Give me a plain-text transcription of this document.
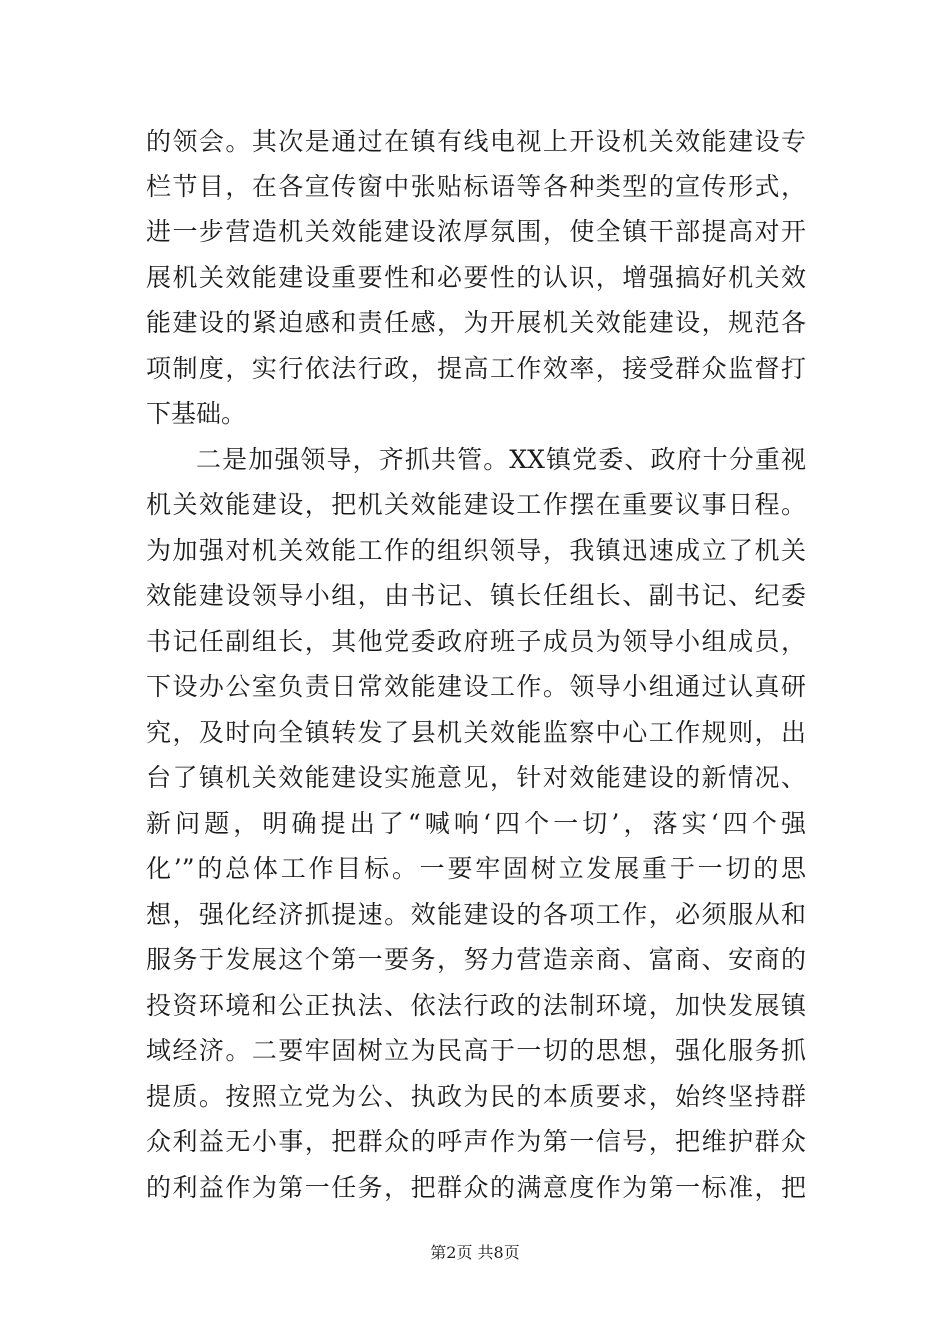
的领会。其次是通过在镇有线电视上开设机关效能建设专
栏节目，在各宣传窗中张贴标语等各种类型的宣传形式，
进一步营造机关效能建设浓厚氛围，使全镇干部提高对开
展机关效能建设重要性和必要性的认识，增强搞好机关效
能建设的紧迫感和责任感，为开展机关效能建设，规范各
项制度，实行依法行政，提高工作效率，接受群众监督打
下基础。
二是加强领导，齐抓共管。XX镇党委、政府十分重视
机关效能建设，把机关效能建设工作摆在重要议事日程。
为加强对机关效能工作的组织领导，我镇迅速成立了机关
效能建设领导小组，由书记、镇长任组长、副书记、纪委
书记任副组长，其他党委政府班子成员为领导小组成员，
下设办公室负责日常效能建设工作。领导小组通过认真研
究，及时向全镇转发了县机关效能监察中心工作规则，出
台了镇机关效能建设实施意见，针对效能建设的新情况、
新问题，明确提出了“喊响‘四个一切’，落实‘四个强
化’”的总体工作目标。一要牢固树立发展重于一切的思
想，强化经济抓提速。效能建设的各项工作，必须服从和
服务于发展这个第一要务，努力营造亲商、富商、安商的
投资环境和公正执法、依法行政的法制环境，加快发展镇
域经济。二要牢固树立为民高于一切的思想，强化服务抓
提质。按照立党为公、执政为民的本质要求，始终坚持群
众利益无小事，把群众的呼声作为第一信号，把维护群众
的利益作为第一任务，把群众的满意度作为第一标准，把
第2页 共8页
